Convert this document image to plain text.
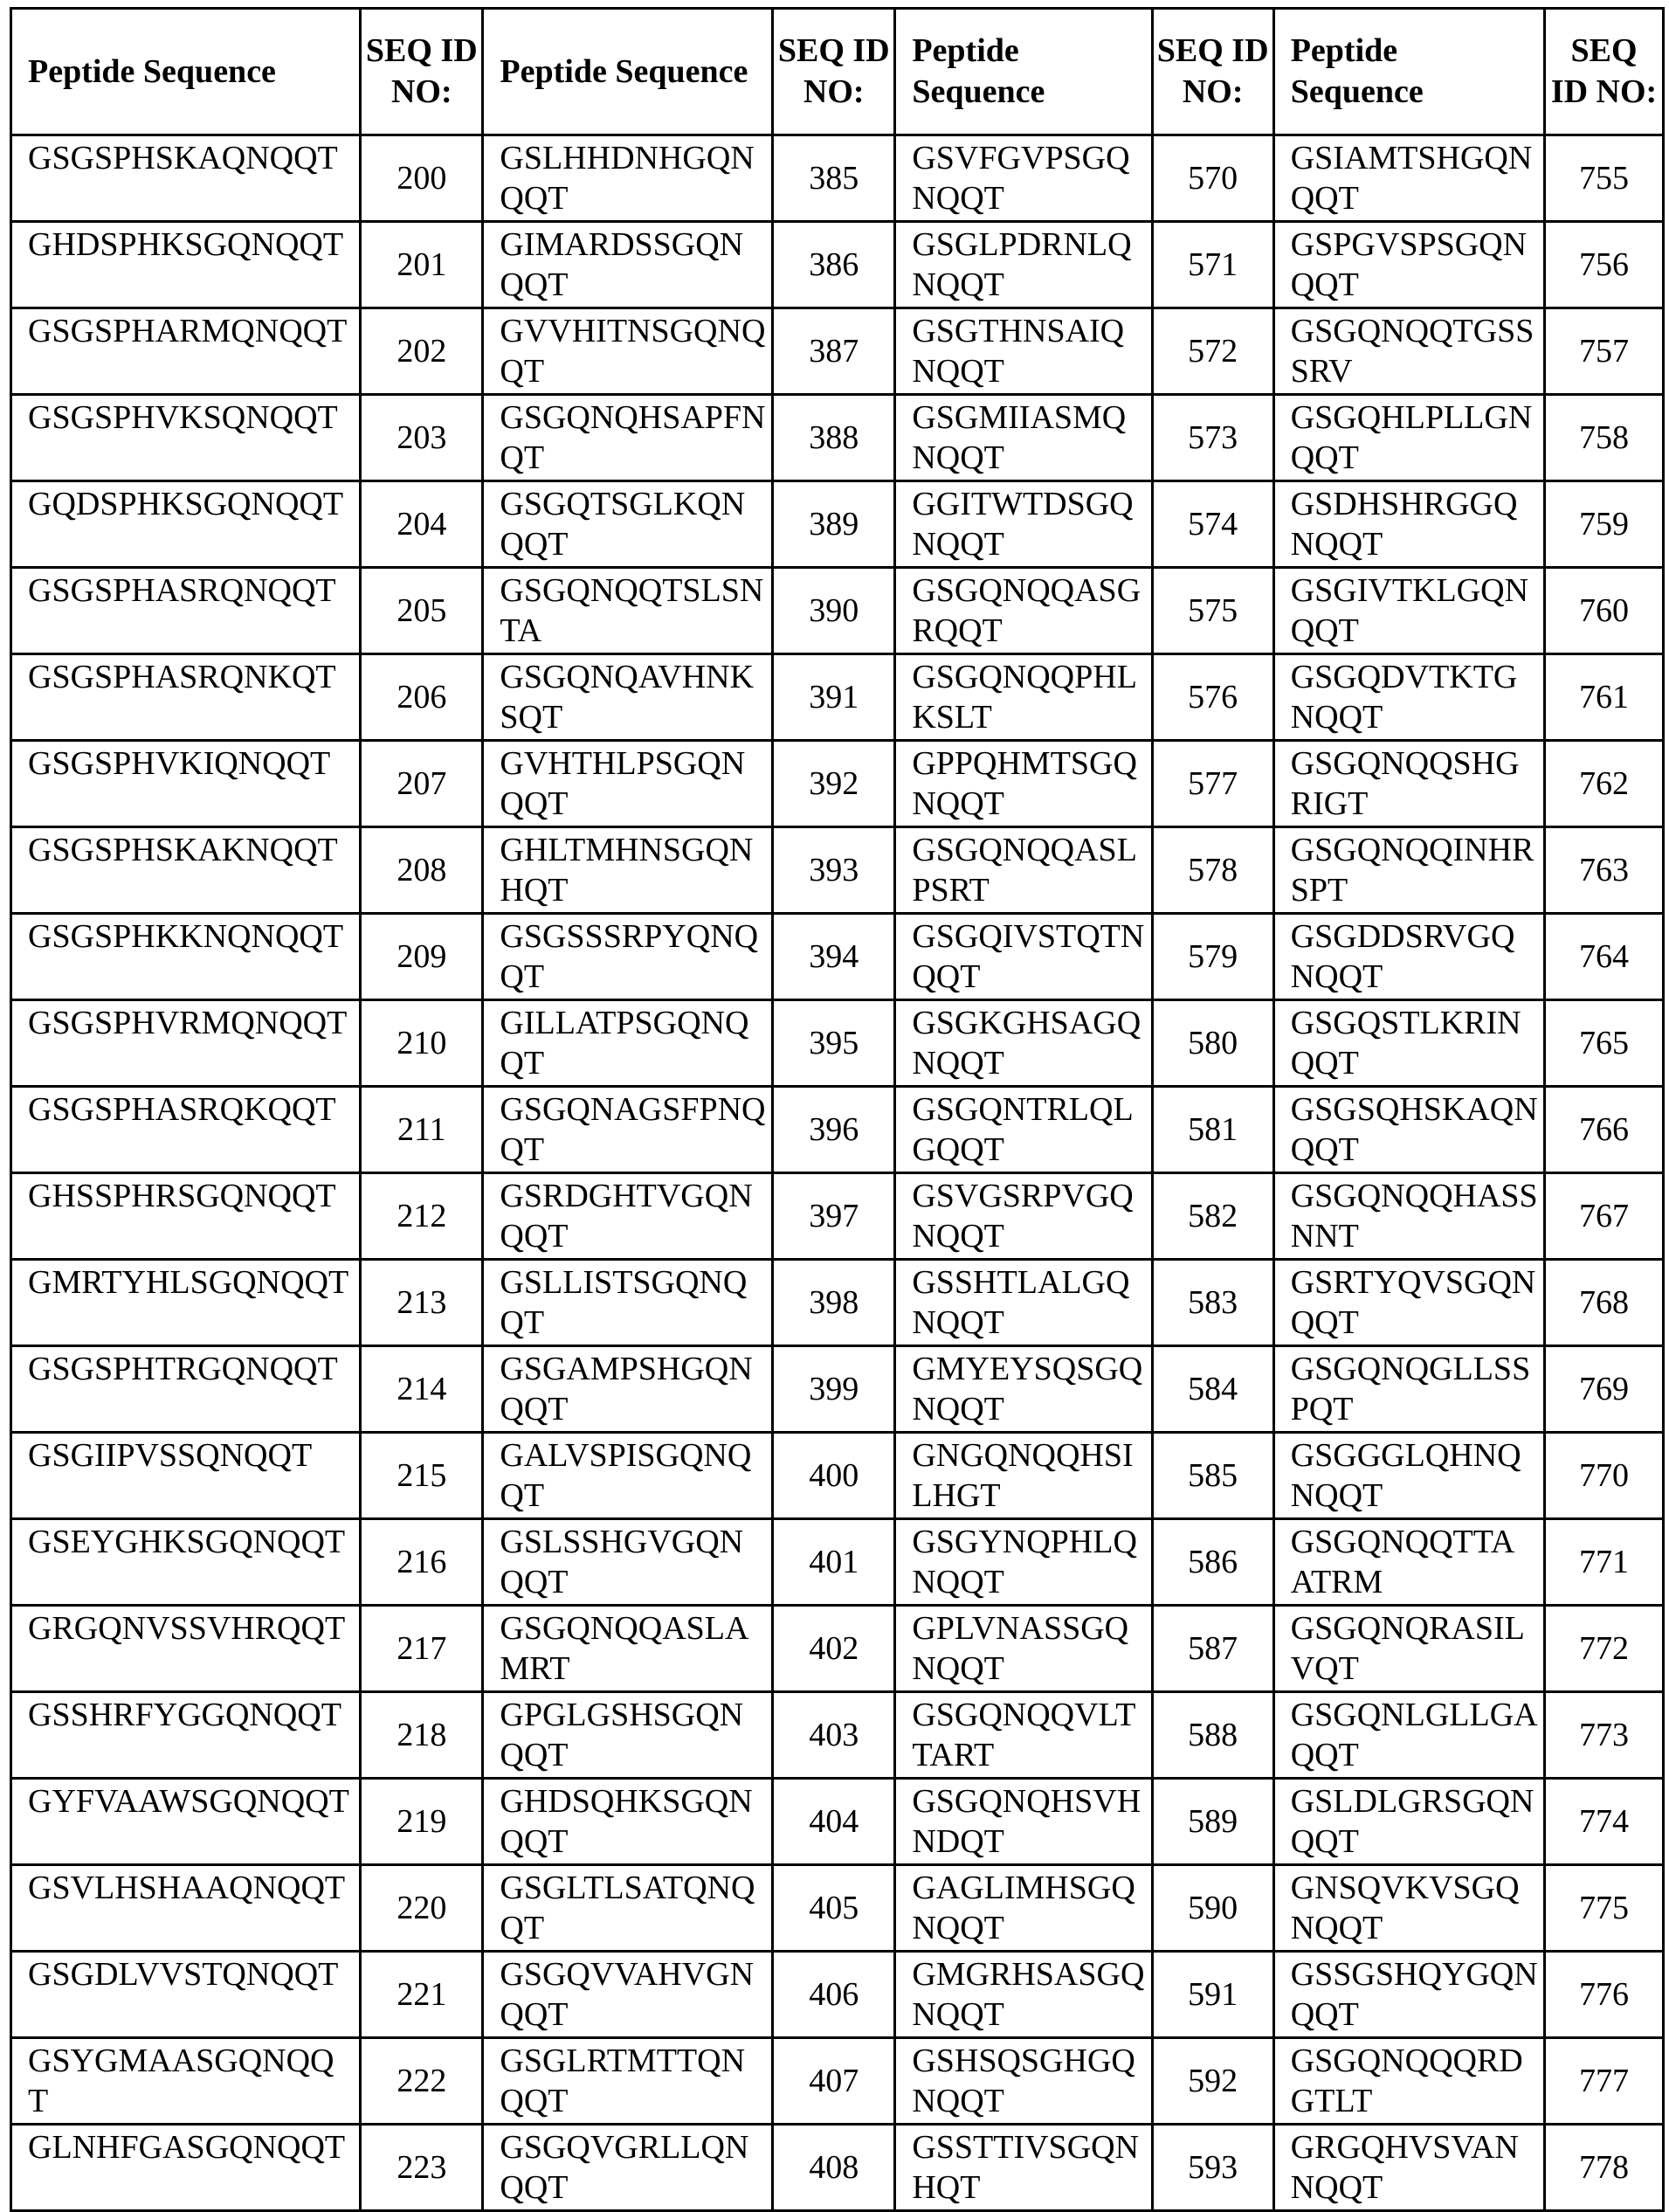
Peptide Sequence	SEQ ID NO:	Peptide Sequence	SEQ ID NO:	Peptide Sequence	SEQ ID NO:	Peptide Sequence	SEQ ID NO:
GSGSPHSKAQNQQT	200	GSLHHDNHGQNQQT	385	GSVFGVPSGQNQQT	570	GSIAMTSHGQNQQT	755
GHDSPHKSGQNQQT	201	GIMARDSSGQNQQT	386	GSGLPDRNLQNQQT	571	GSPGVSPSGQNQQT	756
GSGSPHARMQNQQT	202	GVVHITNSGQNQQT	387	GSGTHNSAIQNQQT	572	GSGQNQQTGSSSRV	757
GSGSPHVKSQNQQT	203	GSGQNQHSAPFNQT	388	GSGMIIASMQNQQT	573	GSGQHLPLLGNQQT	758
GQDSPHKSGQNQQT	204	GSGQTSGLKQNQQT	389	GGITWTDSGQNQQT	574	GSDHSHRGGQNQQT	759
GSGSPHASRQNQQT	205	GSGQNQQTSLSNTA	390	GSGQNQQASGRQQT	575	GSGIVTKLGQNQQT	760
GSGSPHASRQNKQT	206	GSGQNQAVHNKSQT	391	GSGQNQQPHLKSLT	576	GSGQDVTKTGNQQT	761
GSGSPHVKIQNQQT	207	GVHTHLPSGQNQQT	392	GPPQHMTSGQNQQT	577	GSGQNQQSHGRIGT	762
GSGSPHSKAKNQQT	208	GHLTMHNSGQNHQT	393	GSGQNQQASLPSRT	578	GSGQNQQINHRSPT	763
GSGSPHKKNQNQQT	209	GSGSSSRPYQNQQT	394	GSGQIVSTQTNQQT	579	GSGDDSRVGQNQQT	764
GSGSPHVRMQNQQT	210	GILLATPSGQNQQT	395	GSGKGHSAGQNQQT	580	GSGQSTLKRINQQT	765
GSGSPHASRQKQQT	211	GSGQNAGSFPNQQT	396	GSGQNTRLQLGQQT	581	GSGSQHSKAQNQQT	766
GHSSPHRSGQNQQT	212	GSRDGHTVGQNQQT	397	GSVGSRPVGQNQQT	582	GSGQNQQHASSNNT	767
GMRTYHLSGQNQQT	213	GSLLISTSGQNQQT	398	GSSHTLALGQNQQT	583	GSRTYQVSGQNQQT	768
GSGSPHTRGQNQQT	214	GSGAMPSHGQNQQT	399	GMYEYSQSGQNQQT	584	GSGQNQGLLSSPQT	769
GSGIIPVSSQNQQT	215	GALVSPISGQNQQT	400	GNGQNQQHSILHGT	585	GSGGGLQHNQNQQT	770
GSEYGHKSGQNQQT	216	GSLSSHGVGQNQQT	401	GSGYNQPHLQNQQT	586	GSGQNQQTTAATRM	771
GRGQNVSSVHRQQT	217	GSGQNQQASLAMRT	402	GPLVNASSGQNQQT	587	GSGQNQRASILVQT	772
GSSHRFYGGQNQQT	218	GPGLGSHSGQNQQT	403	GSGQNQQVLTTART	588	GSGQNLGLLGAQQT	773
GYFVAAWSGQNQQT	219	GHDSQHKSGQNQQT	404	GSGQNQHSVHNDQT	589	GSLDLGRSGQNQQT	774
GSVLHSHAAQNQQT	220	GSGLTLSATQNQQT	405	GAGLIMHSGQNQQT	590	GNSQVKVSGQNQQT	775
GSGDLVVSTQNQQT	221	GSGQVVAHVGNQQT	406	GMGRHSASGQNQQT	591	GSSGSHQYGQNQQT	776
GSYGMAASGQNQQT	222	GSGLRTMTTQNQQT	407	GSHSQSGHGQNQQT	592	GSGQNQQQRDGTLT	777
GLNHFGASGQNQQT	223	GSGQVGRLLQNQQT	408	GSSTTIVSGQNHQT	593	GRGQHVSVANNQQT	778
